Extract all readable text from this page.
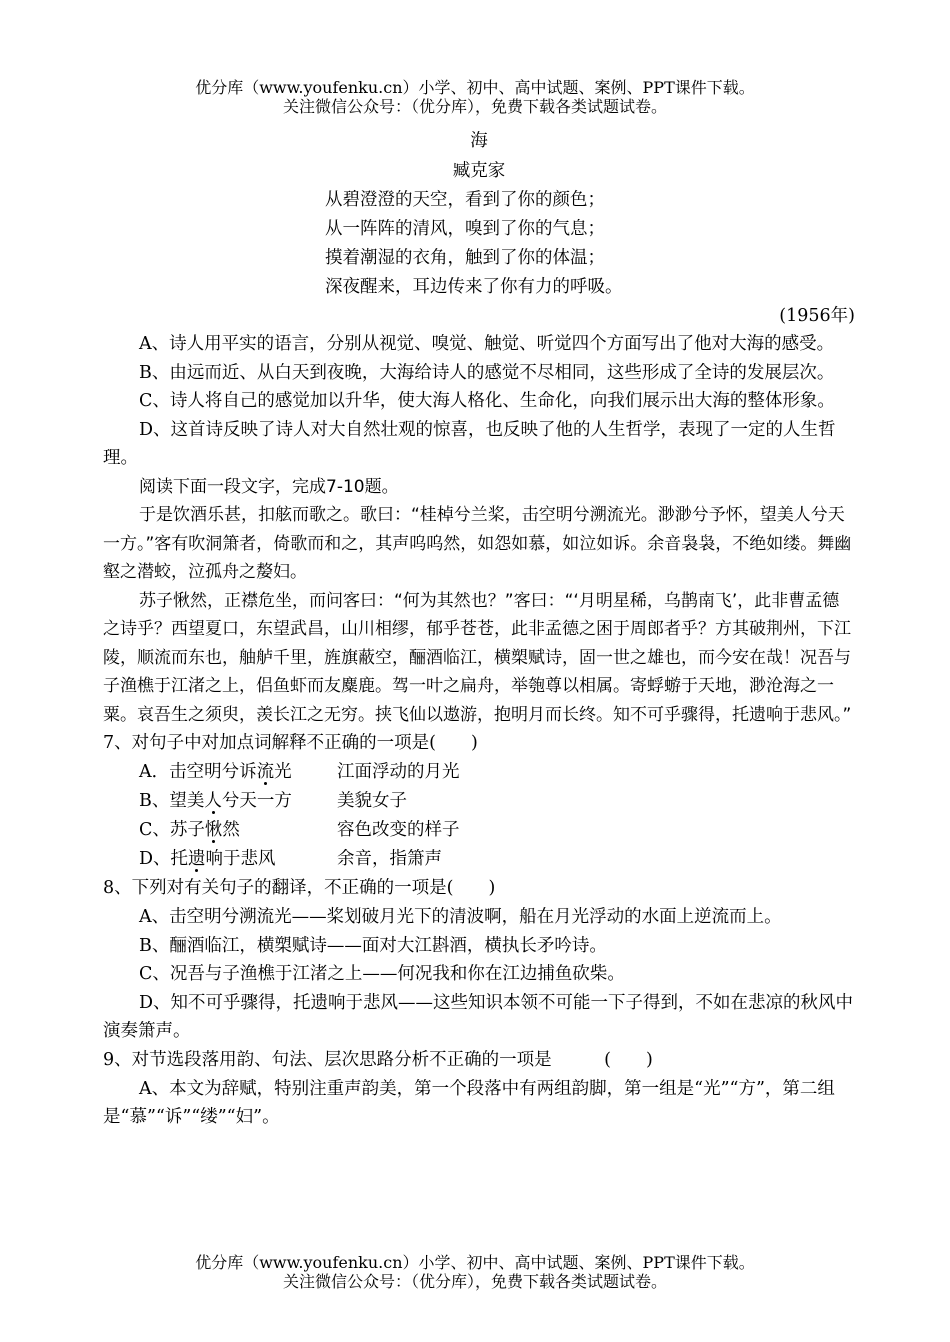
优分库（www.youfenku.cn）小学、初中、高中试题、案例、PPT课件下载。
关注微信公众号：（优分库），免费下载各类试题试卷。
海
臧克家
从碧澄澄的天空，看到了你的颜色；
从一阵阵的清风，嗅到了你的气息；
摸着潮湿的衣角，触到了你的体温；
深夜醒来，耳边传来了你有力的呼吸。
(1956年)

A、诗人用平实的语言，分别从视觉、嗅觉、触觉、听觉四个方面写出了他对大海的感受。

B、由远而近、从白天到夜晚，大海给诗人的感觉不尽相同，这些形成了全诗的发展层次。

C、诗人将自己的感觉加以升华，使大海人格化、生命化，向我们展示出大海的整体形象。

D、这首诗反映了诗人对大自然壮观的惊喜，也反映了他的人生哲学，表现了一定的人生哲理。

阅读下面一段文字，完成7-10题。

于是饮酒乐甚，扣舷而歌之。歌曰：“桂棹兮兰桨，击空明兮溯流光。渺渺兮予怀，望美人兮天一方。”客有吹洞箫者，倚歌而和之，其声呜呜然，如怨如慕，如泣如诉。余音袅袅，不绝如缕。舞幽壑之潜蛟，泣孤舟之嫠妇。

苏子愀然，正襟危坐，而问客曰：“何为其然也？”客曰：“‘月明星稀，乌鹊南飞’，此非曹孟德之诗乎？西望夏口，东望武昌，山川相缪，郁乎苍苍，此非孟德之困于周郎者乎？方其破荆州，下江陵，顺流而东也，舳舻千里，旌旗蔽空，酾酒临江，横槊赋诗，固一世之雄也，而今安在哉！况吾与子渔樵于江渚之上，侣鱼虾而友麋鹿。驾一叶之扁舟，举匏尊以相属。寄蜉蝣于天地，渺沧海之一粟。哀吾生之须臾，羡长江之无穷。挟飞仙以遨游，抱明月而长终。知不可乎骤得，托遗响于悲风。”

7、对句子中对加点词解释不正确的一项是(　　)

A．击空明兮诉流光	江面浮动的月光
B、望美人兮天一方	美貌女子
C、苏子愀然	容色改变的样子
D、托遗响于悲风	余音，指箫声

8、下列对有关句子的翻译，不正确的一项是(　　)

A、击空明兮溯流光——桨划破月光下的清波啊，船在月光浮动的水面上逆流而上。

B、酾酒临江，横槊赋诗——面对大江斟酒，横执长矛吟诗。

C、况吾与子渔樵于江渚之上——何况我和你在江边捕鱼砍柴。

D、知不可乎骤得，托遗响于悲风——这些知识本领不可能一下子得到，不如在悲凉的秋风中演奏箫声。

9、对节选段落用韵、句法、层次思路分析不正确的一项是　　　(　　)

A、本文为辞赋，特别注重声韵美，第一个段落中有两组韵脚，第一组是“光”“方”，第二组是“慕”“诉”“缕”“妇”。

优分库（www.youfenku.cn）小学、初中、高中试题、案例、PPT课件下载。
关注微信公众号：（优分库），免费下载各类试题试卷。
